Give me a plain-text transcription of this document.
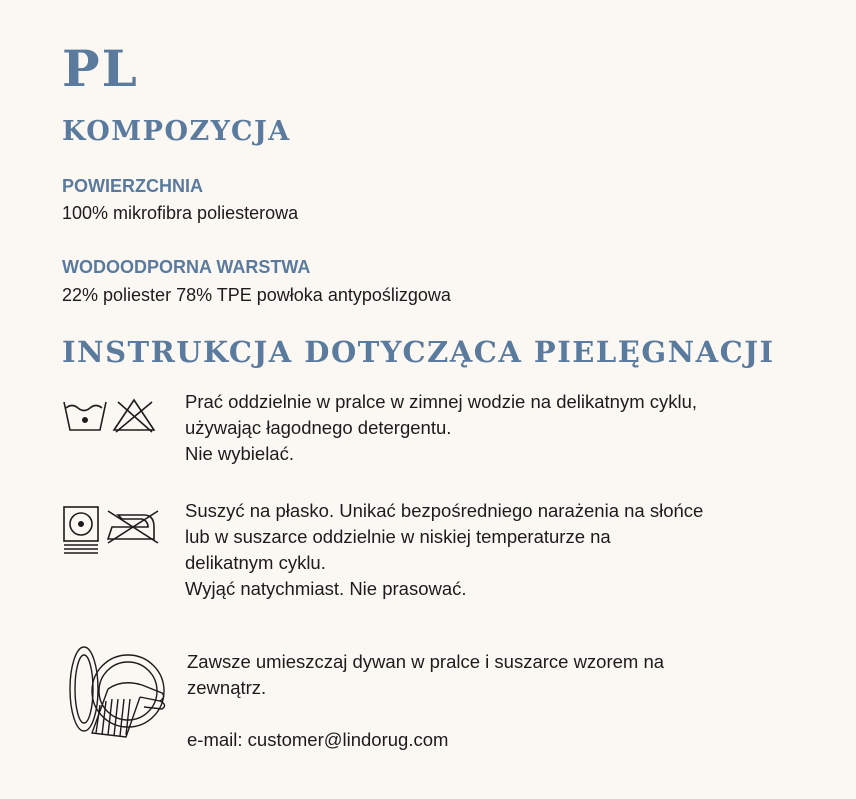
PL
KOMPOZYCJA
POWIERZCHNIA
100% mikrofibra poliesterowa
WODOODPORNA WARSTWA
22% poliester 78% TPE powłoka antypoślizgowa
INSTRUKCJA DOTYCZĄCA PIELĘGNACJI
Prać oddzielnie w pralce w zimnej wodzie na delikatnym cyklu,
używając łagodnego detergentu.
Nie wybielać.
Suszyć na płasko. Unikać bezpośredniego narażenia na słońce
lub w suszarce oddzielnie w niskiej temperaturze na
delikatnym cyklu.
Wyjąć natychmiast. Nie prasować.
Zawsze umieszczaj dywan w pralce i suszarce wzorem na
zewnątrz.
e-mail: customer@lindorug.com
